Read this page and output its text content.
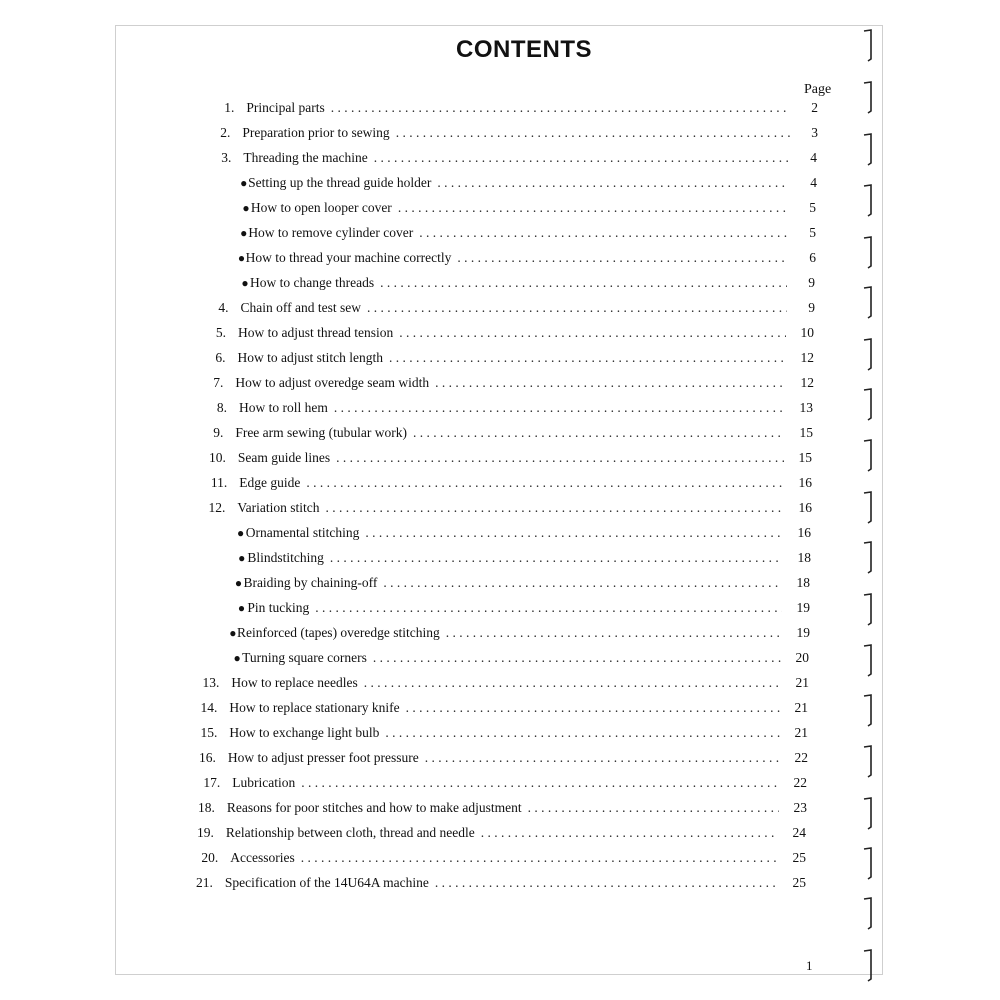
CONTENTS
Page
1. Principal parts . . .	2
2. Preparation prior to sewing . . .	3
3. Threading the machine . . .	4
● Setting up the thread guide holder . . .	4
● How to open looper cover . . .	5
● How to remove cylinder cover . . .	5
● How to thread your machine correctly . . .	6
● How to change threads . . .	9
4. Chain off and test sew . . .	9
5. How to adjust thread tension . . .	10
6. How to adjust stitch length . . .	12
7. How to adjust overedge seam width . . .	12
8. How to roll hem . . .	13
9. Free arm sewing (tubular work) . . .	15
10. Seam guide lines . . .	15
11. Edge guide . . .	16
12. Variation stitch . . .	16
● Ornamental stitching . . .	16
● Blindstitching . . .	18
● Braiding by chaining-off . . .	18
● Pin tucking . . .	19
● Reinforced (tapes) overedge stitching . . .	19
● Turning square corners . . .	20
13. How to replace needles . . .	21
14. How to replace stationary knife . . .	21
15. How to exchange light bulb . . .	21
16. How to adjust presser foot pressure . . .	22
17. Lubrication . . .	22
18. Reasons for poor stitches and how to make adjustment . . .	23
19. Relationship between cloth, thread and needle . . .	24
20. Accessories . . .	25
21. Specification of the 14U64A machine . . .	25
1
